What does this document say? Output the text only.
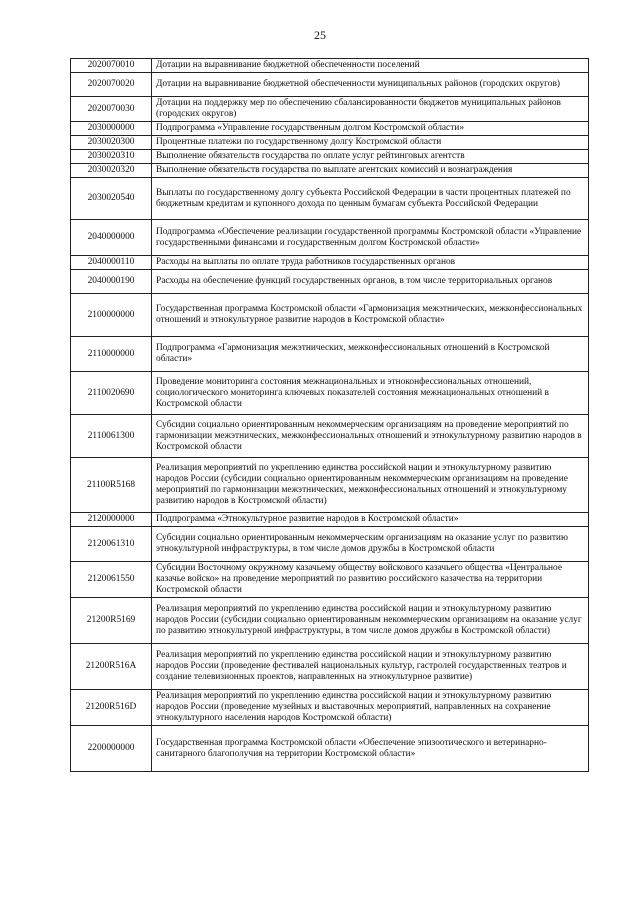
25
2020070010	Дотации на выравнивание бюджетной обеспеченности поселений
2020070020	Дотации на выравнивание бюджетной обеспеченности муниципальных районов (городских округов)
2020070030	Дотации на поддержку мер по обеспечению сбалансированности бюджетов муниципальных районов (городских округов)
2030000000	Подпрограмма «Управление государственным долгом Костромской области»
2030020300	Процентные платежи по государственному долгу Костромской области
2030020310	Выполнение обязательств государства по оплате услуг рейтинговых агентств
2030020320	Выполнение обязательств государства по выплате агентских комиссий и вознаграждения
2030020540	Выплаты по государственному долгу субъекта Российской Федерации в части процентных платежей по бюджетным кредитам и купонного дохода по ценным бумагам субъекта Российской Федерации
2040000000	Подпрограмма «Обеспечение реализации государственной программы Костромской области «Управление государственными финансами и государственным долгом Костромской области»
2040000110	Расходы на выплаты по оплате труда работников государственных органов
2040000190	Расходы на обеспечение функций государственных органов, в том числе территориальных органов
2100000000	Государственная программа Костромской области «Гармонизация межэтнических, межконфессиональных отношений и этнокультурное развитие народов в Костромской области»
2110000000	Подпрограмма «Гармонизация межэтнических, межконфессиональных отношений в Костромской области»
2110020690	Проведение мониторинга состояния межнациональных и этноконфессиональных отношений, социологического мониторинга ключевых показателей состояния межнациональных отношений в Костромской области
2110061300	Субсидии социально ориентированным некоммерческим организациям на проведение мероприятий по гармонизации межэтнических, межконфессиональных отношений и этнокультурному развитию народов в Костромской области
21100R5168	Реализация мероприятий по укреплению единства российской нации и этнокультурному развитию народов России (субсидии социально ориентированным некоммерческим организациям на проведение мероприятий по гармонизации межэтнических, межконфессиональных отношений и этнокультурному развитию народов в Костромской области)
2120000000	Подпрограмма «Этнокультурное развитие народов в Костромской области»
2120061310	Субсидии социально ориентированным некоммерческим организациям на оказание услуг по развитию этнокультурной инфраструктуры, в том числе домов дружбы в Костромской области
2120061550	Субсидии Восточному окружному казачьему обществу войскового казачьего общества «Центральное казачье войско» на проведение мероприятий по развитию российского казачества на территории Костромской области
21200R5169	Реализация мероприятий по укреплению единства российской нации и этнокультурному развитию народов России (субсидии социально ориентированным некоммерческим организациям на оказание услуг по развитию этнокультурной инфраструктуры, в том числе домов дружбы в Костромской области)
21200R516A	Реализация мероприятий по укреплению единства российской нации и этнокультурному развитию народов России (проведение фестивалей национальных культур, гастролей государственных театров и создание телевизионных проектов, направленных на этнокультурное развитие)
21200R516D	Реализация мероприятий по укреплению единства российской нации и этнокультурному развитию народов России (проведение музейных и выставочных мероприятий, направленных на сохранение этнокультурного населения народов Костромской области)
2200000000	Государственная программа Костромской области «Обеспечение эпизоотического и ветеринарно-санитарного благополучия на территории Костромской области»
